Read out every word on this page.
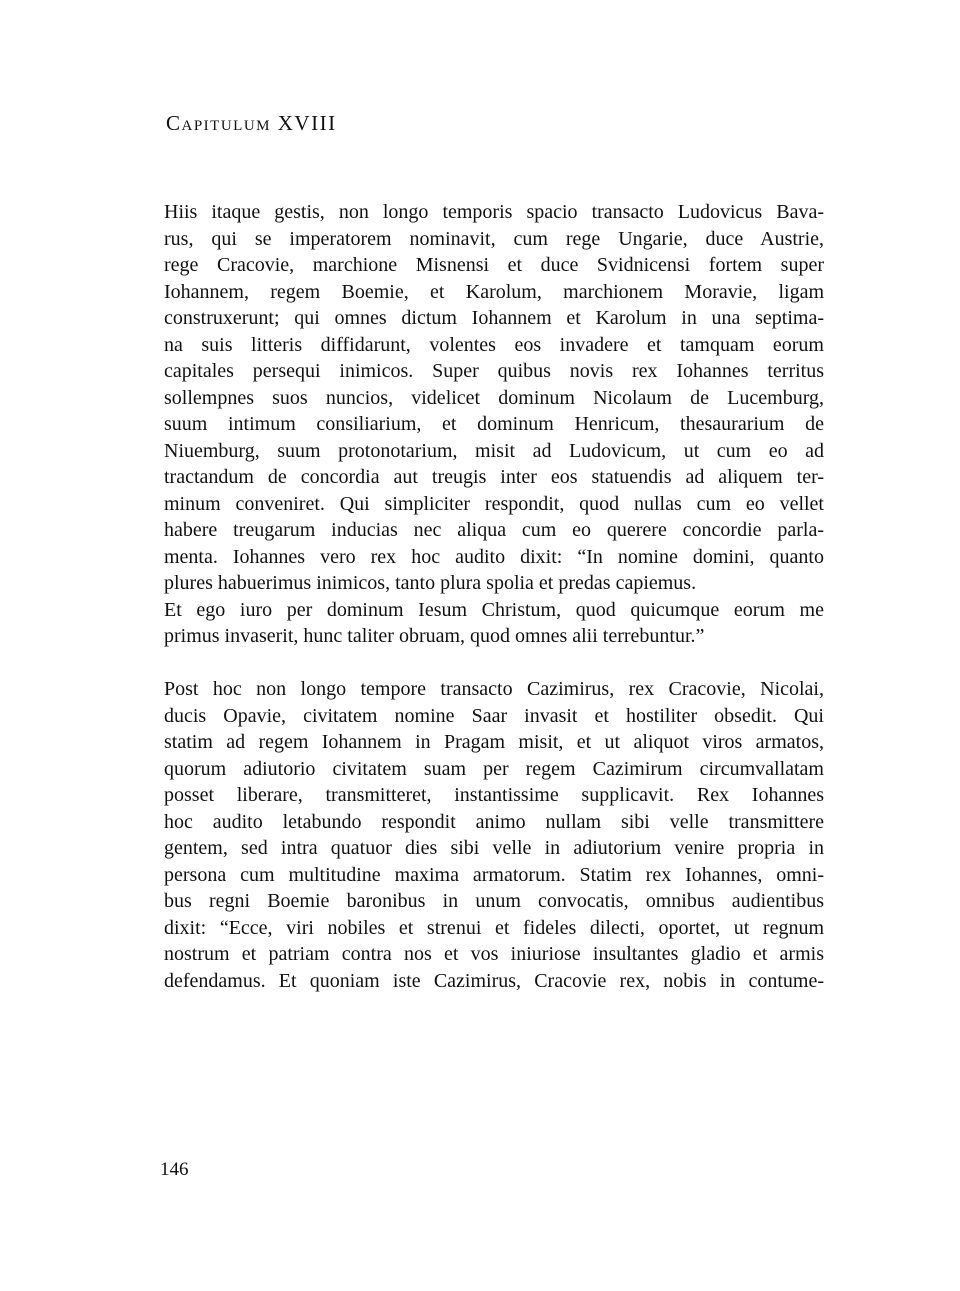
Capitulum XVIII
Hiis itaque gestis, non longo temporis spacio transacto Ludovicus Bava-
rus, qui se imperatorem nominavit, cum rege Ungarie, duce Austrie,
rege Cracovie, marchione Misnensi et duce Svidnicensi fortem super
Iohannem, regem Boemie, et Karolum, marchionem Moravie, ligam
construxerunt; qui omnes dictum Iohannem et Karolum in una septima-
na suis litteris diffidarunt, volentes eos invadere et tamquam eorum
capitales persequi inimicos. Super quibus novis rex Iohannes territus
sollempnes suos nuncios, videlicet dominum Nicolaum de Lucemburg,
suum intimum consiliarium, et dominum Henricum, thesaurarium de
Niuemburg, suum protonotarium, misit ad Ludovicum, ut cum eo ad
tractandum de concordia aut treugis inter eos statuendis ad aliquem ter-
minum conveniret. Qui simpliciter respondit, quod nullas cum eo vellet
habere treugarum inducias nec aliqua cum eo querere concordie parla-
menta. Iohannes vero rex hoc audito dixit: “In nomine domini, quanto
plures habuerimus inimicos, tanto plura spolia et predas capiemus.
Et ego iuro per dominum Iesum Christum, quod quicumque eorum me
primus invaserit, hunc taliter obruam, quod omnes alii terrebuntur.”
Post hoc non longo tempore transacto Cazimirus, rex Cracovie, Nicolai,
ducis Opavie, civitatem nomine Saar invasit et hostiliter obsedit. Qui
statim ad regem Iohannem in Pragam misit, et ut aliquot viros armatos,
quorum adiutorio civitatem suam per regem Cazimirum circumvallatam
posset liberare, transmitteret, instantissime supplicavit. Rex Iohannes
hoc audito letabundo respondit animo nullam sibi velle transmittere
gentem, sed intra quatuor dies sibi velle in adiutorium venire propria in
persona cum multitudine maxima armatorum. Statim rex Iohannes, omni-
bus regni Boemie baronibus in unum convocatis, omnibus audientibus
dixit: “Ecce, viri nobiles et strenui et fideles dilecti, oportet, ut regnum
nostrum et patriam contra nos et vos iniuriose insultantes gladio et armis
defendamus. Et quoniam iste Cazimirus, Cracovie rex, nobis in contume-

146
